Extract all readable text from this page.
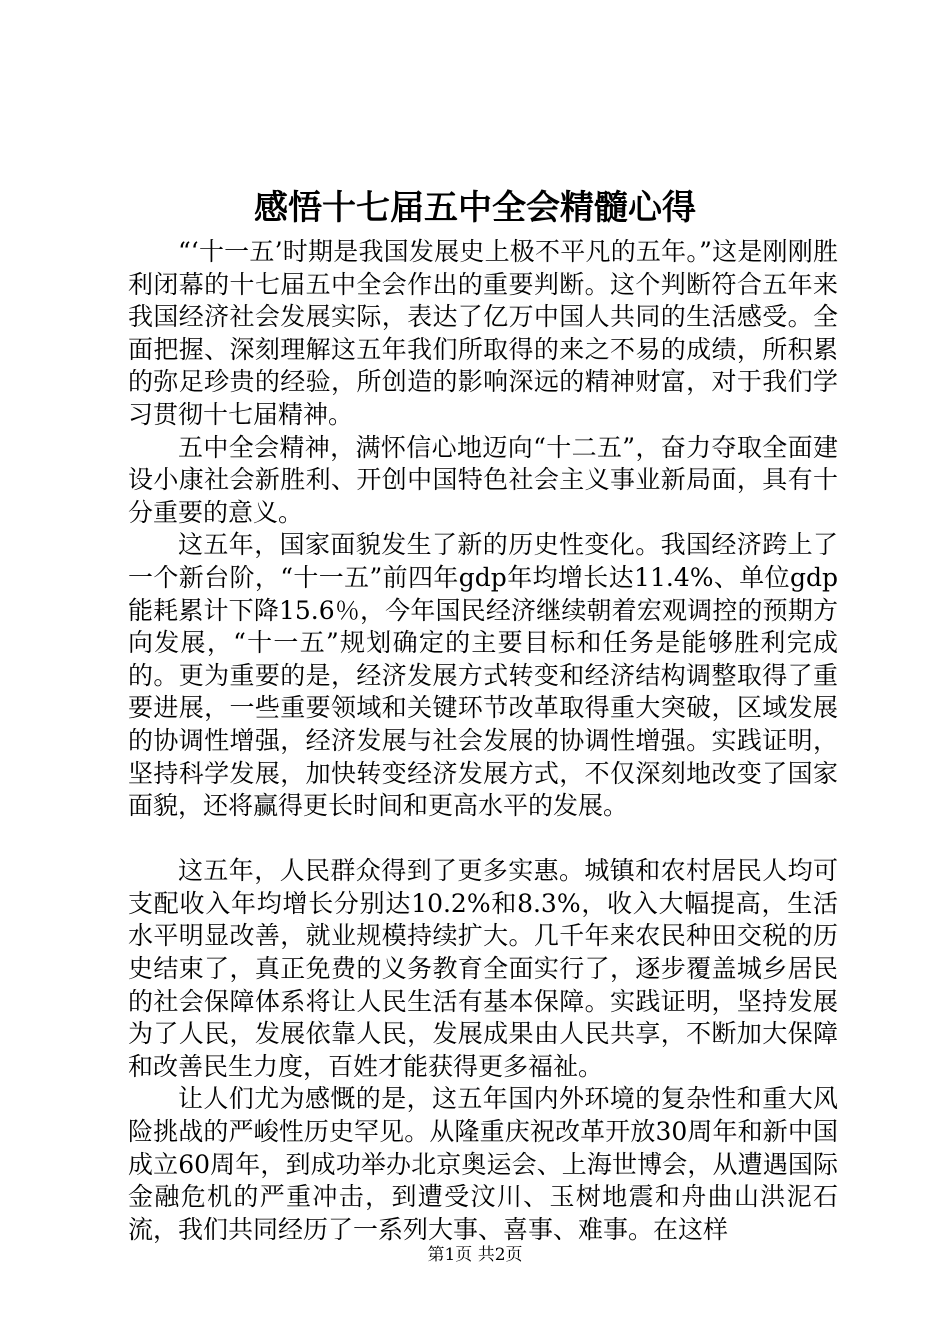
感悟十七届五中全会精髓心得

“‘十一五’时期是我国发展史上极不平凡的五年。”这是刚刚胜利闭幕的十七届五中全会作出的重要判断。这个判断符合五年来我国经济社会发展实际，表达了亿万中国人共同的生活感受。全面把握、深刻理解这五年我们所取得的来之不易的成绩，所积累的弥足珍贵的经验，所创造的影响深远的精神财富，对于我们学习贯彻十七届精神。

五中全会精神，满怀信心地迈向“十二五”，奋力夺取全面建设小康社会新胜利、开创中国特色社会主义事业新局面，具有十分重要的意义。

这五年，国家面貌发生了新的历史性变化。我国经济跨上了一个新台阶，“十一五”前四年gdp年均增长达11.4%、单位gdp能耗累计下降15.6％，今年国民经济继续朝着宏观调控的预期方向发展，“十一五”规划确定的主要目标和任务是能够胜利完成的。更为重要的是，经济发展方式转变和经济结构调整取得了重要进展，一些重要领域和关键环节改革取得重大突破，区域发展的协调性增强，经济发展与社会发展的协调性增强。实践证明，坚持科学发展，加快转变经济发展方式，不仅深刻地改变了国家面貌，还将赢得更长时间和更高水平的发展。

这五年，人民群众得到了更多实惠。城镇和农村居民人均可支配收入年均增长分别达10.2%和8.3%，收入大幅提高，生活水平明显改善，就业规模持续扩大。几千年来农民种田交税的历史结束了，真正免费的义务教育全面实行了，逐步覆盖城乡居民的社会保障体系将让人民生活有基本保障。实践证明，坚持发展为了人民，发展依靠人民，发展成果由人民共享，不断加大保障和改善民生力度，百姓才能获得更多福祉。

让人们尤为感慨的是，这五年国内外环境的复杂性和重大风险挑战的严峻性历史罕见。从隆重庆祝改革开放30周年和新中国成立60周年，到成功举办北京奥运会、上海世博会，从遭遇国际金融危机的严重冲击，到遭受汶川、玉树地震和舟曲山洪泥石流，我们共同经历了一系列大事、喜事、难事。在这样

第1页 共2页
